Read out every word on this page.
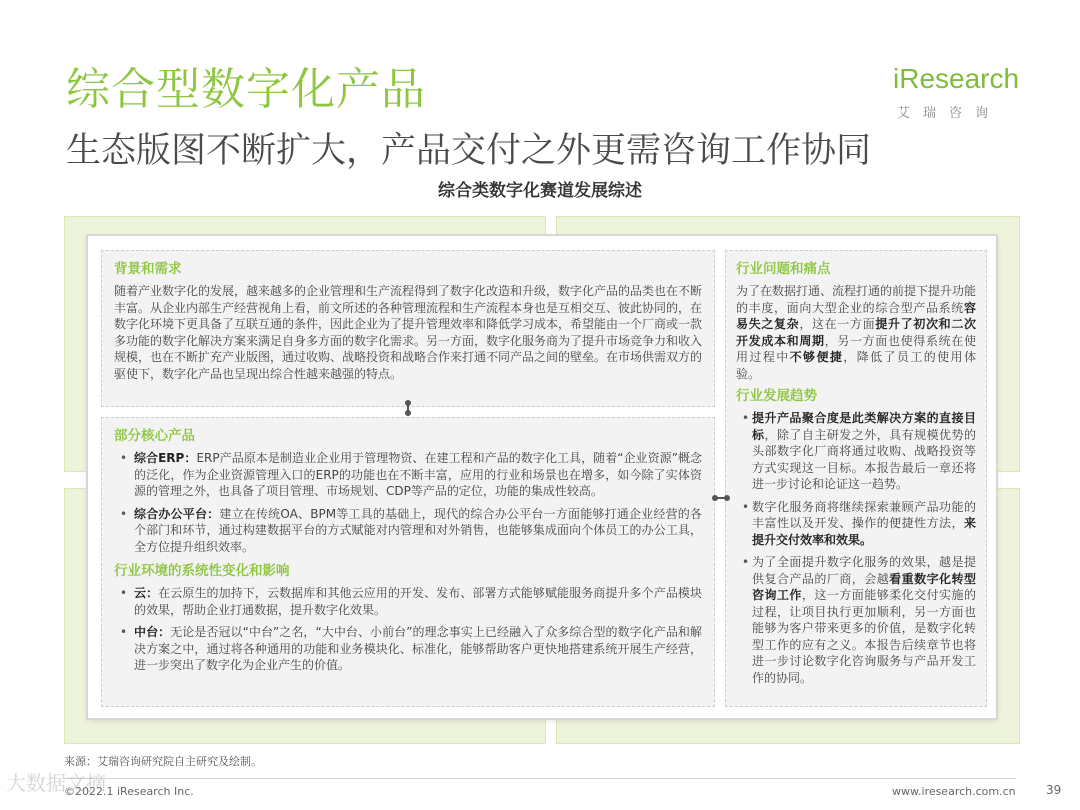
综合型数字化产品
生态版图不断扩大，产品交付之外更需咨询工作协同
iResearch
艾瑞咨询
综合类数字化赛道发展综述
背景和需求
随着产业数字化的发展，越来越多的企业管理和生产流程得到了数字化改造和升级，数字化产品的品类也在不断丰富。从企业内部生产经营视角上看，前文所述的各种管理流程和生产流程本身也是互相交互、彼此协同的，在数字化环境下更具备了互联互通的条件，因此企业为了提升管理效率和降低学习成本，希望能由一个厂商或一款多功能的数字化解决方案来满足自身多方面的数字化需求。另一方面，数字化服务商为了提升市场竞争力和收入规模，也在不断扩充产业版图，通过收购、战略投资和战略合作来打通不同产品之间的壁垒。在市场供需双方的驱使下，数字化产品也呈现出综合性越来越强的特点。
部分核心产品
• 综合ERP：ERP产品原本是制造业企业用于管理物资、在建工程和产品的数字化工具，随着“企业资源”概念的泛化，作为企业资源管理入口的ERP的功能也在不断丰富，应用的行业和场景也在增多，如今除了实体资源的管理之外，也具备了项目管理、市场规划、CDP等产品的定位，功能的集成性较高。
• 综合办公平台：建立在传统OA、BPM等工具的基础上，现代的综合办公平台一方面能够打通企业经营的各个部门和环节，通过构建数据平台的方式赋能对内管理和对外销售，也能够集成面向个体员工的办公工具，全方位提升组织效率。
行业环境的系统性变化和影响
• 云：在云原生的加持下，云数据库和其他云应用的开发、发布、部署方式能够赋能服务商提升多个产品模块的效果，帮助企业打通数据，提升数字化效果。
• 中台：无论是否冠以“中台”之名，“大中台、小前台”的理念事实上已经融入了众多综合型的数字化产品和解决方案之中，通过将各种通用的功能和业务模块化、标准化，能够帮助客户更快地搭建系统开展生产经营，进一步突出了数字化为企业产生的价值。
行业问题和痛点
为了在数据打通、流程打通的前提下提升功能的丰度，面向大型企业的综合型产品系统容易失之复杂，这在一方面提升了初次和二次开发成本和周期，另一方面也使得系统在使用过程中不够便捷，降低了员工的使用体验。
行业发展趋势
• 提升产品聚合度是此类解决方案的直接目标，除了自主研发之外，具有规模优势的头部数字化厂商将通过收购、战略投资等方式实现这一目标。本报告最后一章还将进一步讨论和论证这一趋势。
• 数字化服务商将继续探索兼顾产品功能的丰富性以及开发、操作的便捷性方法，来提升交付效率和效果。
• 为了全面提升数字化服务的效果，越是提供复合产品的厂商，会越看重数字化转型咨询工作，这一方面能够柔化交付实施的过程，让项目执行更加顺利，另一方面也能够为客户带来更多的价值，是数字化转型工作的应有之义。本报告后续章节也将进一步讨论数字化咨询服务与产品开发工作的协同。
来源：艾瑞咨询研究院自主研究及绘制。
©2022.1 iResearch Inc.	www.iresearch.com.cn	39
大数据文摘
